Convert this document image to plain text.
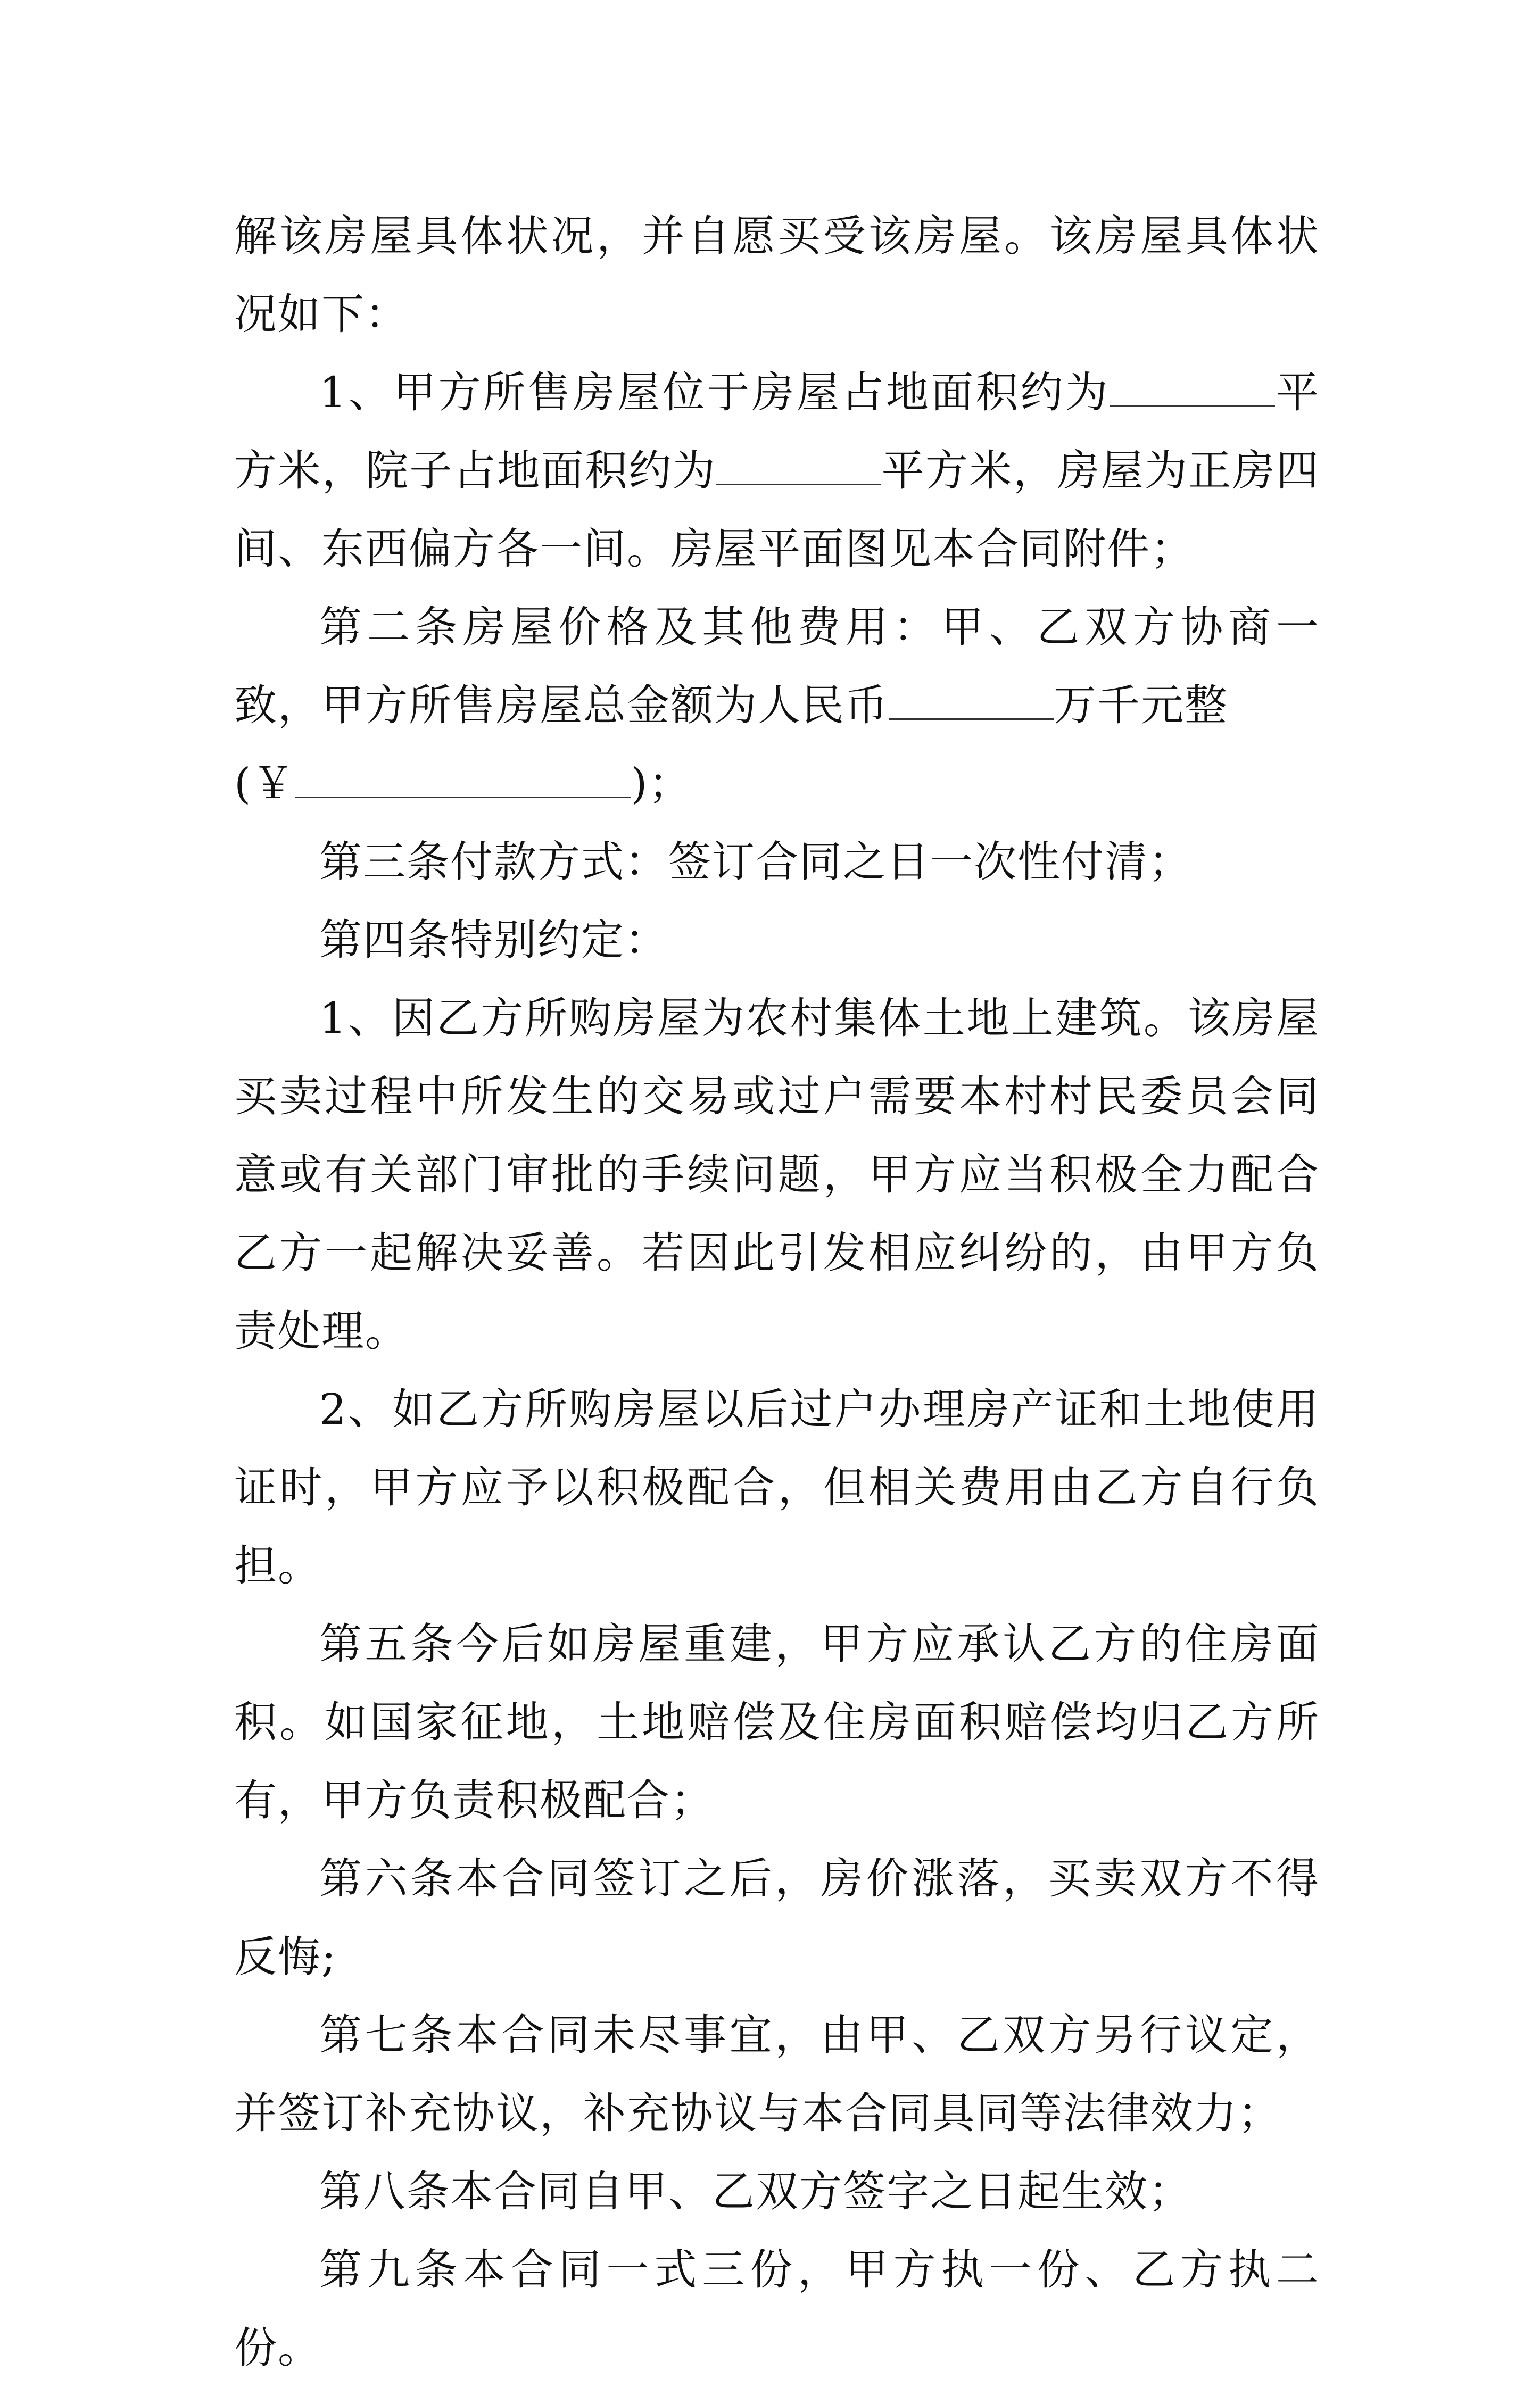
解该房屋具体状况，并自愿买受该房屋。该房屋具体状况如下：

1、甲方所售房屋位于房屋占地面积约为	平方米，院子占地面积约为	平方米，房屋为正房四间、东西偏方各一间。房屋平面图见本合同附件；

第二条房屋价格及其他费用：甲、乙双方协商一致，甲方所售房屋总金额为人民币	万千元整
(￥	)；

第三条付款方式：签订合同之日一次性付清；

第四条特别约定：

1、因乙方所购房屋为农村集体土地上建筑。该房屋买卖过程中所发生的交易或过户需要本村村民委员会同意或有关部门审批的手续问题，甲方应当积极全力配合乙方一起解决妥善。若因此引发相应纠纷的，由甲方负责处理。

2、如乙方所购房屋以后过户办理房产证和土地使用证时，甲方应予以积极配合，但相关费用由乙方自行负担。

第五条今后如房屋重建，甲方应承认乙方的住房面积。如国家征地，土地赔偿及住房面积赔偿均归乙方所有，甲方负责积极配合；

第六条本合同签订之后，房价涨落，买卖双方不得反悔;

第七条本合同未尽事宜，由甲、乙双方另行议定，并签订补充协议，补充协议与本合同具同等法律效力；

第八条本合同自甲、乙双方签字之日起生效；

第九条本合同一式三份，甲方执一份、乙方执二份。
